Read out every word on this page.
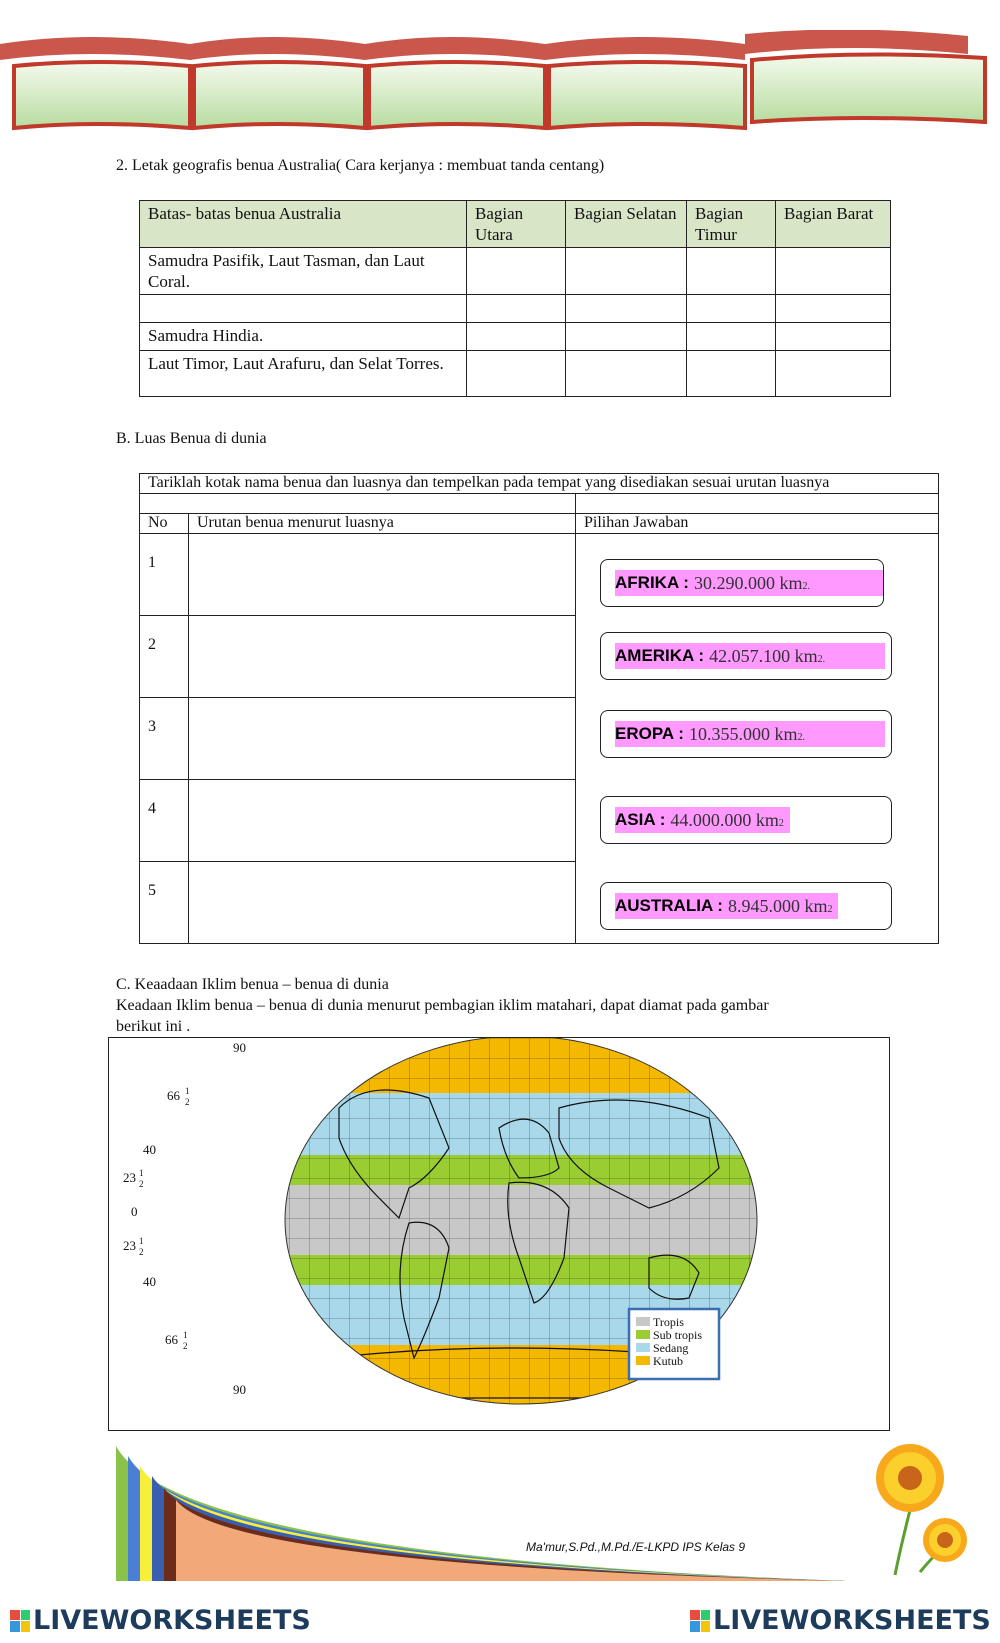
2. Letak geografis benua Australia( Cara kerjanya : membuat tanda centang)
Batas- batas benua Australia	Bagian Utara	Bagian Selatan	Bagian Timur	Bagian Barat
Samudra Pasifik, Laut Tasman, dan Laut Coral.				

Samudra Hindia.				
Laut Timor, Laut Arafuru, dan Selat Torres.				
B. Luas Benua di dunia
Tariklah kotak nama benua dan luasnya dan tempelkan pada tempat yang disediakan sesuai urutan luasnya		

No	Urutan benua menurut luasnya	Pilihan Jawaban
1		
2		
3		
4		
5		
AFRIKA : 30.290.000 km2.
AMERIKA : 42.057.100 km2.
EROPA : 10.355.000 km2.
ASIA : 44.000.000 km2
AUSTRALIA : 8.945.000 km2
C. Keaadaan Iklim benua – benua di dunia
Keadaan Iklim benua – benua di dunia menurut pembagian iklim matahari, dapat diamat pada gambar
berikut ini .
90
66 1
2
40
23 1
2
0
23 1
2
40
66 1
2
90
Tropis
Sub tropis
Sedang
Kutub
Ma'mur,S.Pd.,M.Pd./E-LKPD IPS Kelas 9
LIVEWORKSHEETS	LIVEWORKSHEETS
